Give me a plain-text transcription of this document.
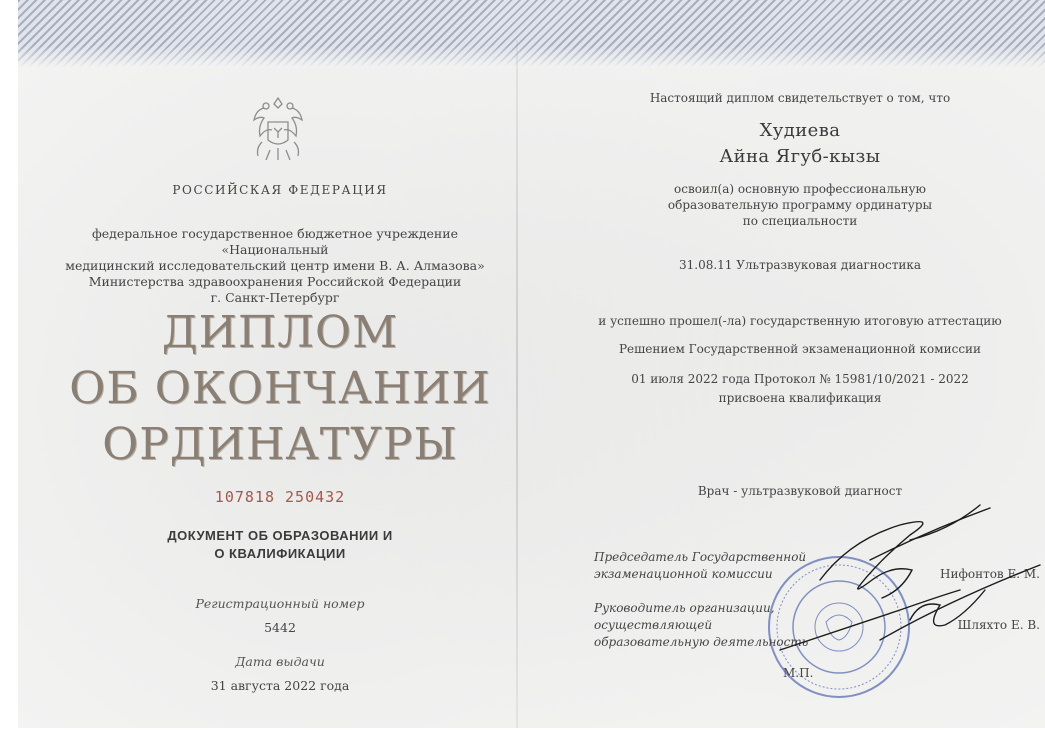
РОССИЙСКАЯ ФЕДЕРАЦИЯ
федеральное государственное бюджетное учреждение «Национальный
медицинский исследовательский центр имени В. А. Алмазова»
Министерства здравоохранения Российской Федерации
г. Санкт-Петербург
ДИПЛОМ
ОБ ОКОНЧАНИИ
ОРДИНАТУРЫ
107818 250432
ДОКУМЕНТ ОБ ОБРАЗОВАНИИ И
О КВАЛИФИКАЦИИ
Регистрационный номер
5442
Дата выдачи
31 августа 2022 года
Настоящий диплом свидетельствует о том, что
Худиева
Айна Ягуб-кызы
освоил(а) основную профессиональную
образовательную программу ординатуры
по специальности
31.08.11 Ультразвуковая диагностика
и успешно прошел(-ла) государственную итоговую аттестацию
Решением Государственной экзаменационной комиссии
01 июля 2022 года Протокол № 15981/10/2021 - 2022
присвоена квалификация
Врач - ультразвуковой диагност
Председатель Государственной
экзаменационной комиссии	Нифонтов Е. М.
Руководитель организации, осуществляющей
образовательную деятельность
Шляхто Е. В.
М.П.
